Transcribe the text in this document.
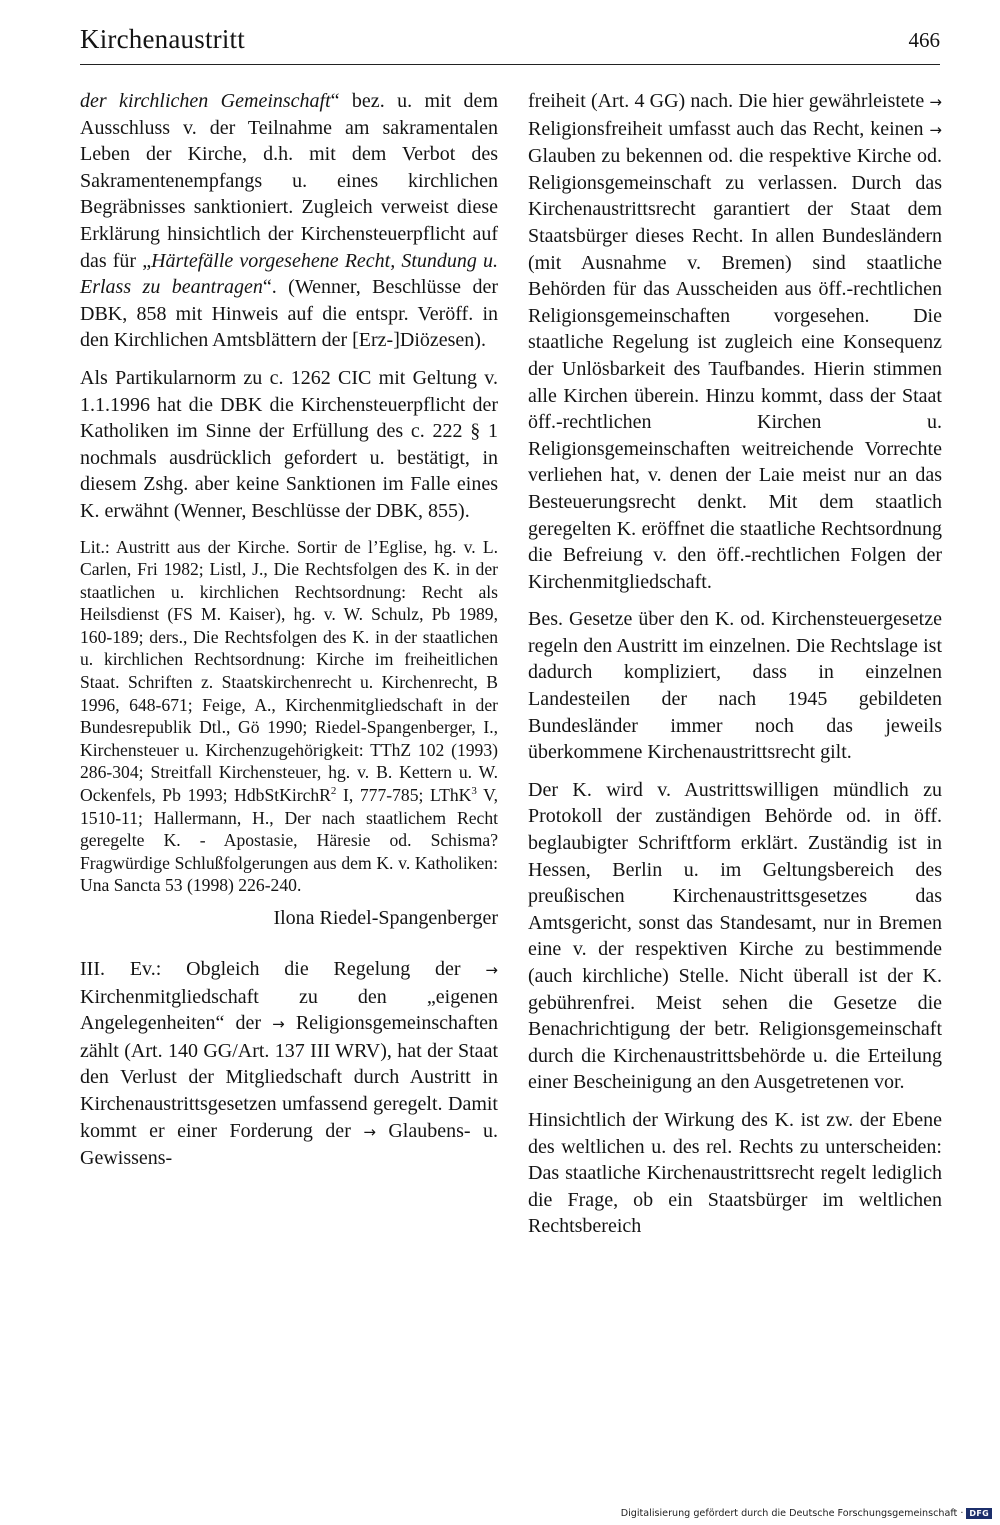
Kirchenaustritt	466

der kirchlichen Gemeinschaft“ bez. u. mit dem Ausschluss v. der Teilnahme am sakramentalen Leben der Kirche, d.h. mit dem Verbot des Sakramentenempfangs u. eines kirchlichen Begräbnisses sanktioniert. Zugleich verweist diese Erklärung hinsichtlich der Kirchensteuerpflicht auf das für „Härtefälle vorgesehene Recht, Stundung u. Erlass zu beantragen“. (Wenner, Beschlüsse der DBK, 858 mit Hinweis auf die entspr. Veröff. in den Kirchlichen Amtsblättern der [Erz-]Diözesen).

Als Partikularnorm zu c. 1262 CIC mit Geltung v. 1.1.1996 hat die DBK die Kirchensteuerpflicht der Katholiken im Sinne der Erfüllung des c. 222 § 1 nochmals ausdrücklich gefordert u. bestätigt, in diesem Zshg. aber keine Sanktionen im Falle eines K. erwähnt (Wenner, Beschlüsse der DBK, 855).

Lit.: Austritt aus der Kirche. Sortir de l’Eglise, hg. v. L. Carlen, Fri 1982; Listl, J., Die Rechtsfolgen des K. in der staatlichen u. kirchlichen Rechtsordnung: Recht als Heilsdienst (FS M. Kaiser), hg. v. W. Schulz, Pb 1989, 160-189; ders., Die Rechtsfolgen des K. in der staatlichen u. kirchlichen Rechtsordnung: Kirche im freiheitlichen Staat. Schriften z. Staatskirchenrecht u. Kirchenrecht, B 1996, 648-671; Feige, A., Kirchenmitgliedschaft in der Bundesrepublik Dtl., Gö 1990; Riedel-Spangenberger, I., Kirchensteuer u. Kirchenzugehörigkeit: TThZ 102 (1993) 286-304; Streitfall Kirchensteuer, hg. v. B. Kettern u. W. Ockenfels, Pb 1993; HdbStKirchR$^2$ I, 777-785; LThK$^3$ V, 1510-11; Hallermann, H., Der nach staatlichem Recht geregelte K. - Apostasie, Häresie od. Schisma? Fragwürdige Schlußfolgerungen aus dem K. v. Katholiken: Una Sancta 53 (1998) 226-240.

Ilona Riedel-Spangenberger

III. Ev.: Obgleich die Regelung der → Kirchenmitgliedschaft zu den „eigenen Angelegenheiten“ der → Religionsgemeinschaften zählt (Art. 140 GG/Art. 137 III WRV), hat der Staat den Verlust der Mitgliedschaft durch Austritt in Kirchenaustrittsgesetzen umfassend geregelt. Damit kommt er einer Forderung der → Glaubens- u. Gewissens-

freiheit (Art. 4 GG) nach. Die hier gewährleistete → Religionsfreiheit umfasst auch das Recht, keinen → Glauben zu bekennen od. die respektive Kirche od. Religionsgemeinschaft zu verlassen. Durch das Kirchenaustrittsrecht garantiert der Staat dem Staatsbürger dieses Recht. In allen Bundesländern (mit Ausnahme v. Bremen) sind staatliche Behörden für das Ausscheiden aus öff.-rechtlichen Religionsgemeinschaften vorgesehen. Die staatliche Regelung ist zugleich eine Konsequenz der Unlösbarkeit des Taufbandes. Hierin stimmen alle Kirchen überein. Hinzu kommt, dass der Staat öff.-rechtlichen Kirchen u. Religionsgemeinschaften weitreichende Vorrechte verliehen hat, v. denen der Laie meist nur an das Besteuerungsrecht denkt. Mit dem staatlich geregelten K. eröffnet die staatliche Rechtsordnung die Befreiung v. den öff.-rechtlichen Folgen der Kirchenmitgliedschaft.

Bes. Gesetze über den K. od. Kirchensteuergesetze regeln den Austritt im einzelnen. Die Rechtslage ist dadurch kompliziert, dass in einzelnen Landesteilen der nach 1945 gebildeten Bundesländer immer noch das jeweils überkommene Kirchenaustrittsrecht gilt.

Der K. wird v. Austrittswilligen mündlich zu Protokoll der zuständigen Behörde od. in öff. beglaubigter Schriftform erklärt. Zuständig ist in Hessen, Berlin u. im Geltungsbereich des preußischen Kirchenaustrittsgesetzes das Amtsgericht, sonst das Standesamt, nur in Bremen eine v. der respektiven Kirche zu bestimmende (auch kirchliche) Stelle. Nicht überall ist der K. gebührenfrei. Meist sehen die Gesetze die Benachrichtigung der betr. Religionsgemeinschaft durch die Kirchenaustrittsbehörde u. die Erteilung einer Bescheinigung an den Ausgetretenen vor.

Hinsichtlich der Wirkung des K. ist zw. der Ebene des weltlichen u. des rel. Rechts zu unterscheiden: Das staatliche Kirchenaustrittsrecht regelt lediglich die Frage, ob ein Staatsbürger im weltlichen Rechtsbereich

Digitalisierung gefördert durch die Deutsche Forschungsgemeinschaft · DFG
